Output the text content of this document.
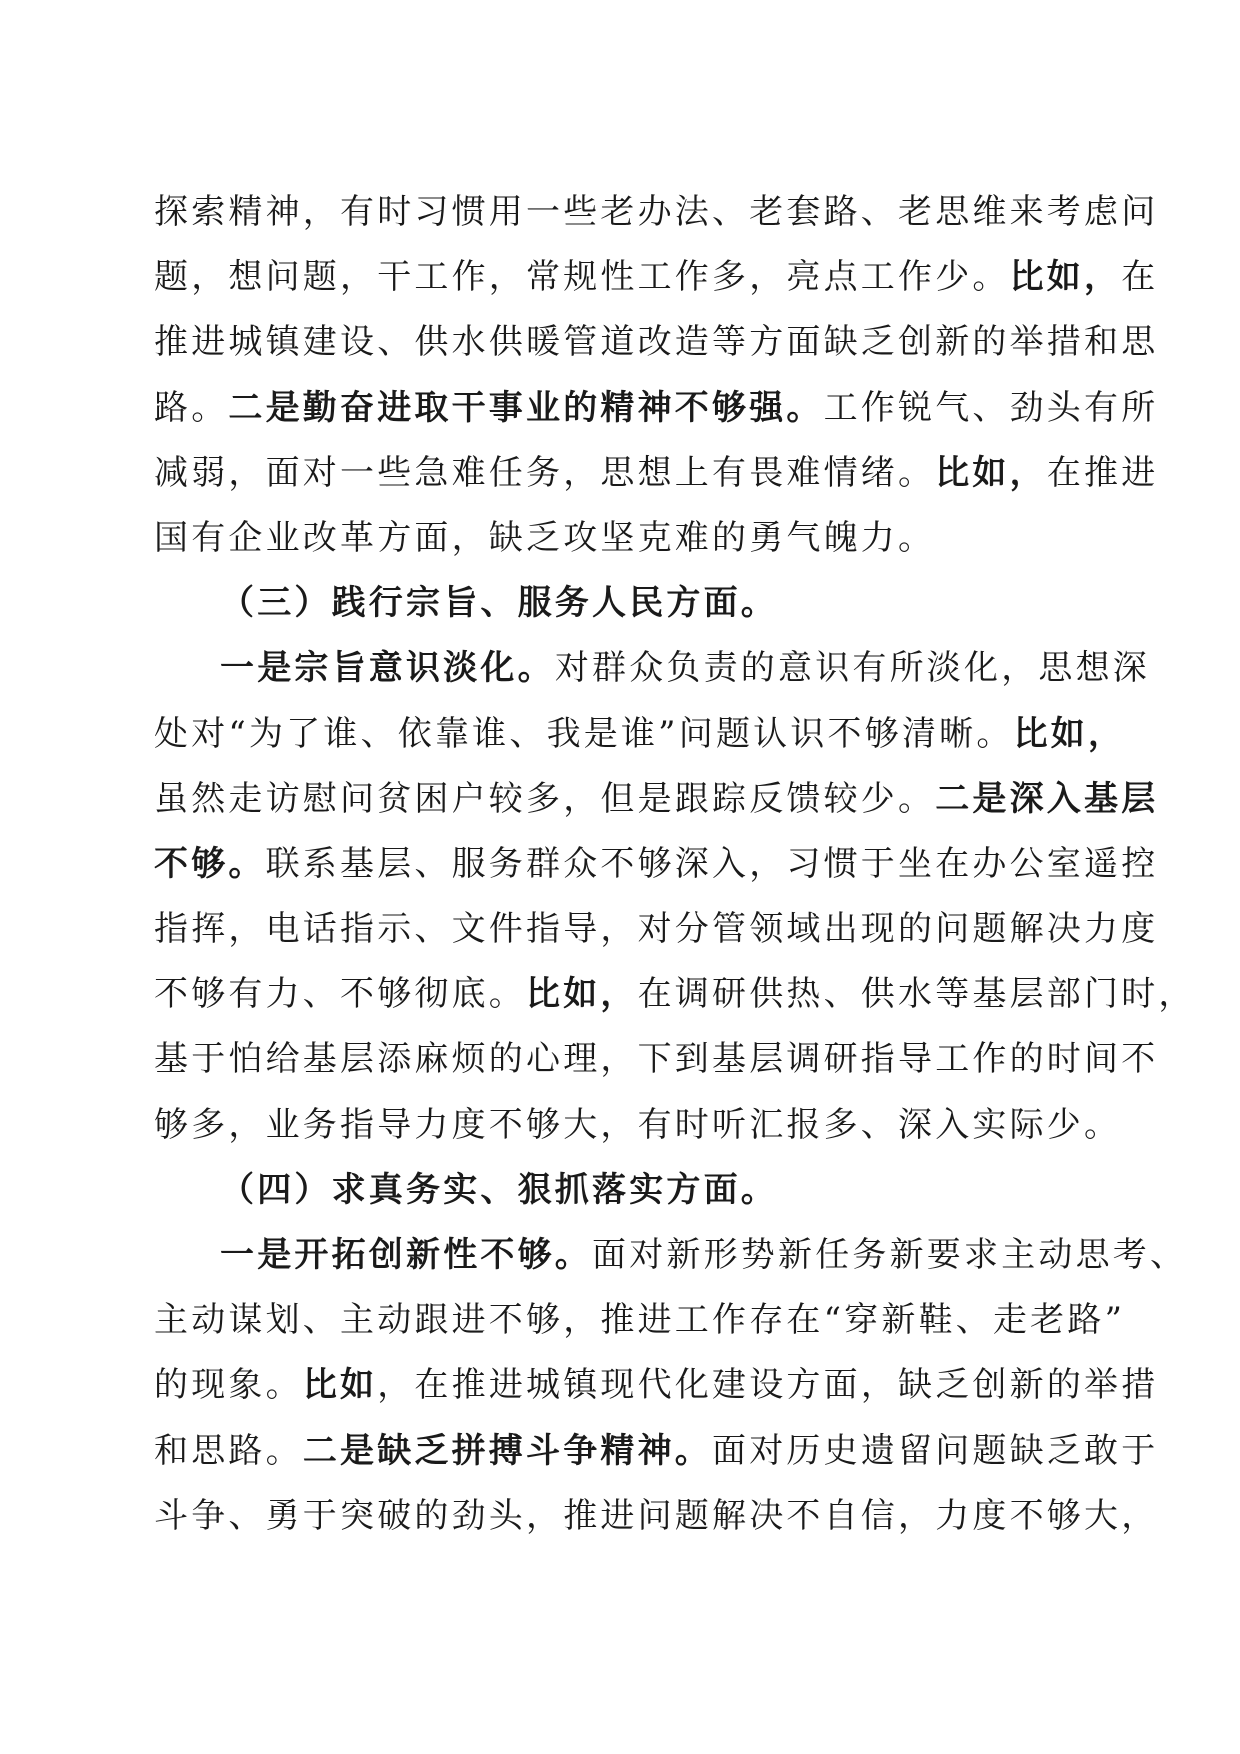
探索精神，有时习惯用一些老办法、老套路、老思维来考虑问
题，想问题，干工作，常规性工作多，亮点工作少。比如，在
推进城镇建设、供水供暖管道改造等方面缺乏创新的举措和思
路。二是勤奋进取干事业的精神不够强。工作锐气、劲头有所
减弱，面对一些急难任务，思想上有畏难情绪。比如，在推进
国有企业改革方面，缺乏攻坚克难的勇气魄力。
（三）践行宗旨、服务人民方面。
一是宗旨意识淡化。对群众负责的意识有所淡化，思想深
处对“为了谁、依靠谁、我是谁”问题认识不够清晰。比如，
虽然走访慰问贫困户较多，但是跟踪反馈较少。二是深入基层
不够。联系基层、服务群众不够深入，习惯于坐在办公室遥控
指挥，电话指示、文件指导，对分管领域出现的问题解决力度
不够有力、不够彻底。比如，在调研供热、供水等基层部门时，
基于怕给基层添麻烦的心理，下到基层调研指导工作的时间不
够多，业务指导力度不够大，有时听汇报多、深入实际少。
（四）求真务实、狠抓落实方面。
一是开拓创新性不够。面对新形势新任务新要求主动思考、
主动谋划、主动跟进不够，推进工作存在“穿新鞋、走老路”
的现象。比如，在推进城镇现代化建设方面，缺乏创新的举措
和思路。二是缺乏拼搏斗争精神。面对历史遗留问题缺乏敢于
斗争、勇于突破的劲头，推进问题解决不自信，力度不够大，
